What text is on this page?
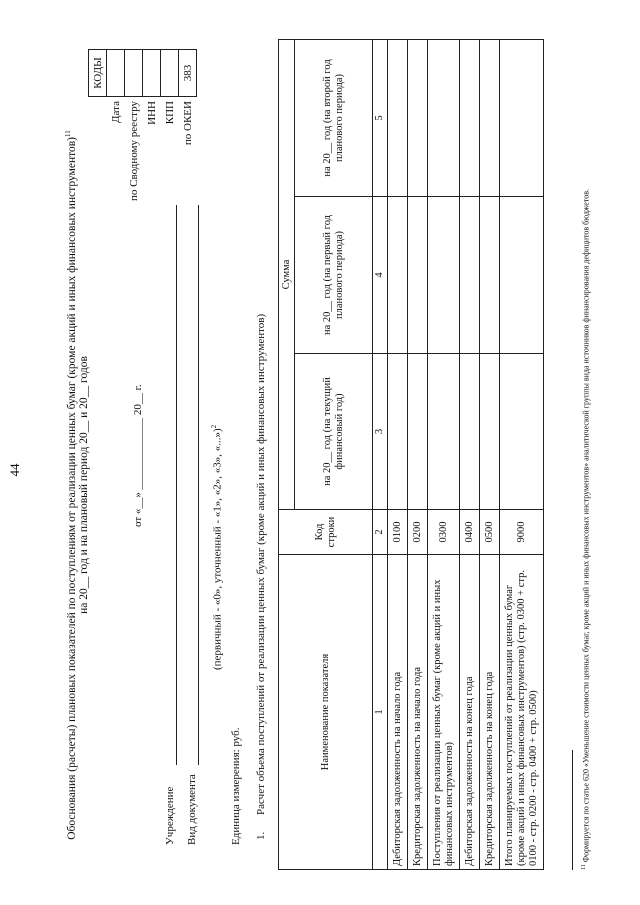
44	Обоснования (расчеты) плановых показателей по поступлениям от реализации ценных бумаг (кроме акций и иных финансовых инструментов)$^{11}$
на 20__ год и на плановый период 20__ и 20__ годов	от «__» _____________ 20__ г.
	КОДЫ
Дата	
по Сводному реестру	
ИНН	
КПП	
по ОКЕИ	383
Учреждение Вид документа
(первичный - «0», уточненный - «1», «2», «3», «...»)$^2$
Единица измерения: руб. 1.
Расчет объема поступлений от реализации ценных бумаг (кроме акций и иных финансовых инструментов)	Наименование показателя	Код строки	Сумма		
		на 20__ год (на текущий финансовый год)	на 20__ год (на первый год планового периода)	на 20__ год (на второй год планового периода)
1	2	3	4	5
Дебиторская задолженность на начало года	0100			
Кредиторская задолженность на начало года	0200			
Поступления от реализации ценных бумаг (кроме акций и иных финансовых инструментов)	0300			
Дебиторская задолженность на конец года	0400			
Кредиторская задолженность на конец года	0500			
Итого планируемых поступлений от реализации ценных бумаг (кроме акций и иных финансовых инструментов) (стр. 0300 + стр. 0100 - стр. 0200 - стр. 0400 + стр. 0500)	9000			
$^{11}$ Формируется по статье 620 «Уменьшение стоимости ценных бумаг, кроме акций и иных финансовых инструментов» аналитической группы вида источников финансирования дефицитов бюджетов.
